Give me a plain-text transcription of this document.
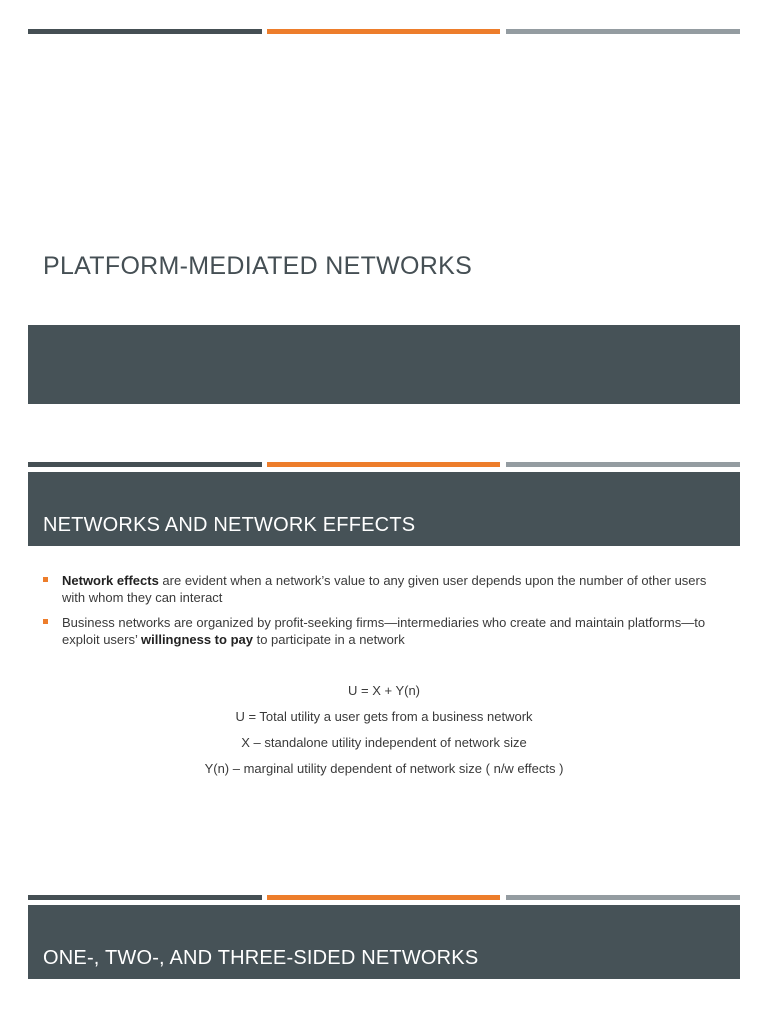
PLATFORM-MEDIATED NETWORKS
NETWORKS AND NETWORK EFFECTS
Network effects are evident when a network’s value to any given user depends upon the number of other users with whom they can interact
Business networks are organized by profit-seeking firms—intermediaries who create and maintain platforms—to exploit users’ willingness to pay to participate in a network
U = X + Y(n)
U = Total utility a user gets from a business network
X – standalone utility independent of network size
Y(n) – marginal utility dependent of network size ( n/w effects )
ONE-, TWO-, AND THREE-SIDED NETWORKS
